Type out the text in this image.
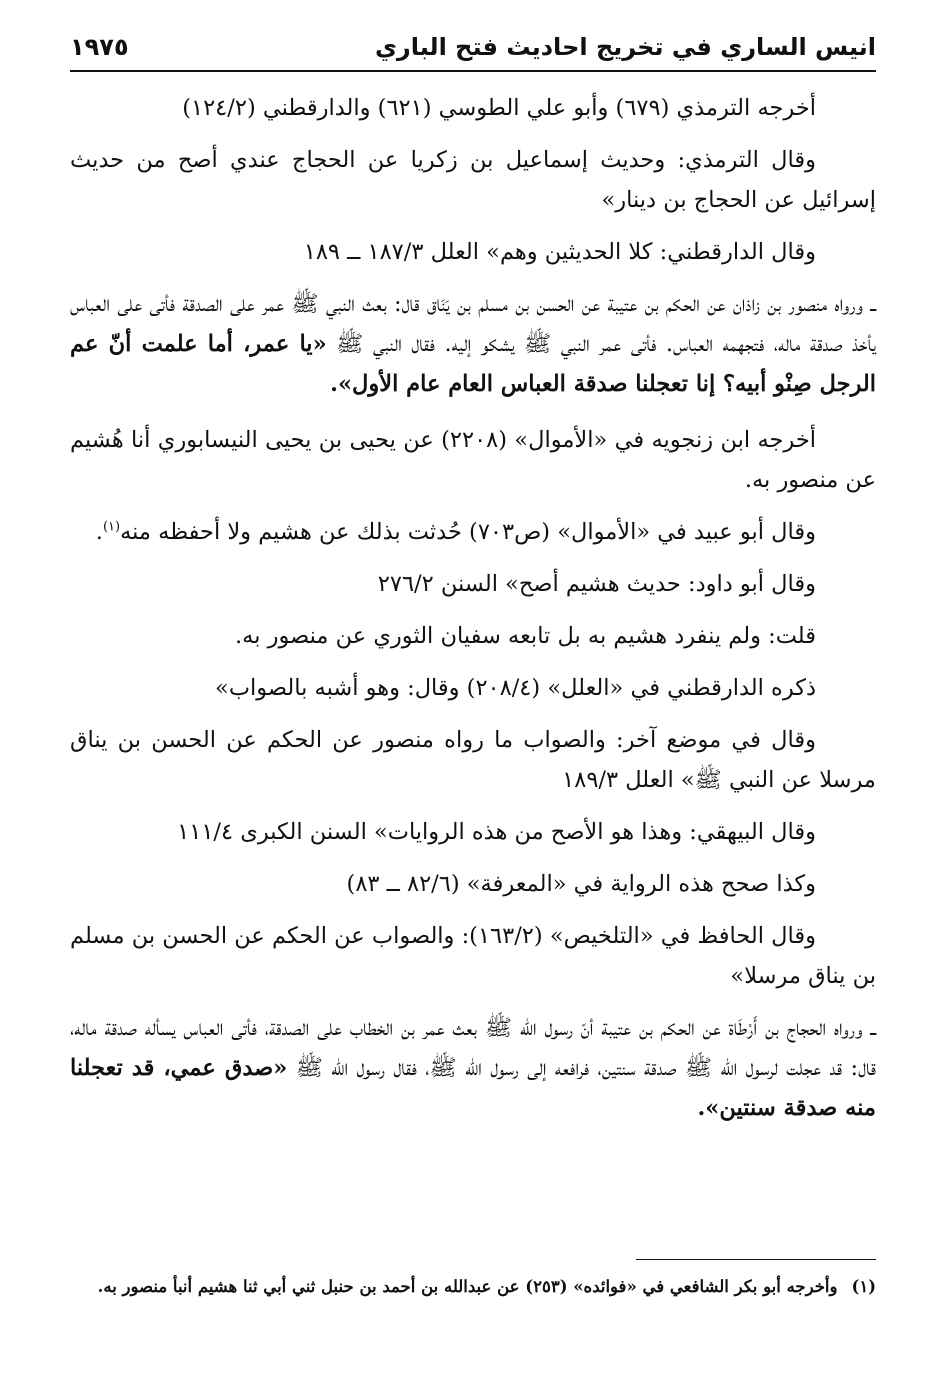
انيس الساري في تخريج احاديث فتح الباري
١٩٧٥

أخرجه الترمذي (٦٧٩) وأبو علي الطوسي (٦٢١) والدارقطني (١٢٤/٢)

وقال الترمذي: وحديث إسماعيل بن زكريا عن الحجاج عندي أصح من حديث إسرائيل عن الحجاج بن دينار»

وقال الدارقطني: كلا الحديثين وهم» العلل ١٨٧/٣ ــ ١٨٩

ــ ورواه منصور بن زاذان عن الحكم بن عتيبة عن الحسن بن مسلم بن يَنَاق قال: بعث النبي ﷺ عمر على الصدقة فأتى على العباس يأخذ صدقة ماله، فتجهمه العباس. فأتى عمر النبي ﷺ يشكو إليه. فقال النبي ﷺ «يا عمر، أما علمت أنّ عم الرجل صِنْو أبيه؟ إنا تعجلنا صدقة العباس العام عام الأول».

أخرجه ابن زنجويه في «الأموال» (٢٢٠٨) عن يحيى بن يحيى النيسابوري أنا هُشيم عن منصور به.

وقال أبو عبيد في «الأموال» (ص٧٠٣) حُدثت بذلك عن هشيم ولا أحفظه منه$^{(١)}$.

وقال أبو داود: حديث هشيم أصح» السنن ٢٧٦/٢

قلت: ولم ينفرد هشيم به بل تابعه سفيان الثوري عن منصور به.

ذكره الدارقطني في «العلل» (٢٠٨/٤) وقال: وهو أشبه بالصواب»

وقال في موضع آخر: والصواب ما رواه منصور عن الحكم عن الحسن بن يناق مرسلا عن النبي ﷺ» العلل ١٨٩/٣

وقال البيهقي: وهذا هو الأصح من هذه الروايات» السنن الكبرى ١١١/٤

وكذا صحح هذه الرواية في «المعرفة» (٨٢/٦ ــ ٨٣)

وقال الحافظ في «التلخيص» (١٦٣/٢): والصواب عن الحكم عن الحسن بن مسلم بن يناق مرسلا»

ــ ورواه الحجاج بن أَرْطَاة عن الحكم بن عتيبة أنّ رسول الله ﷺ بعث عمر بن الخطاب على الصدقة، فأتى العباس يسأله صدقة ماله، قال: قد عجلت لرسول الله ﷺ صدقة سنتين، فرافعه إلى رسول الله ﷺ، فقال رسول الله ﷺ «صدق عمي، قد تعجلنا منه صدقة سنتين».

(١)وأخرجه أبو بكر الشافعي في «فوائده» (٢٥٣) عن عبدالله بن أحمد بن حنبل ثني أبي ثنا هشيم أنبأ منصور به.
